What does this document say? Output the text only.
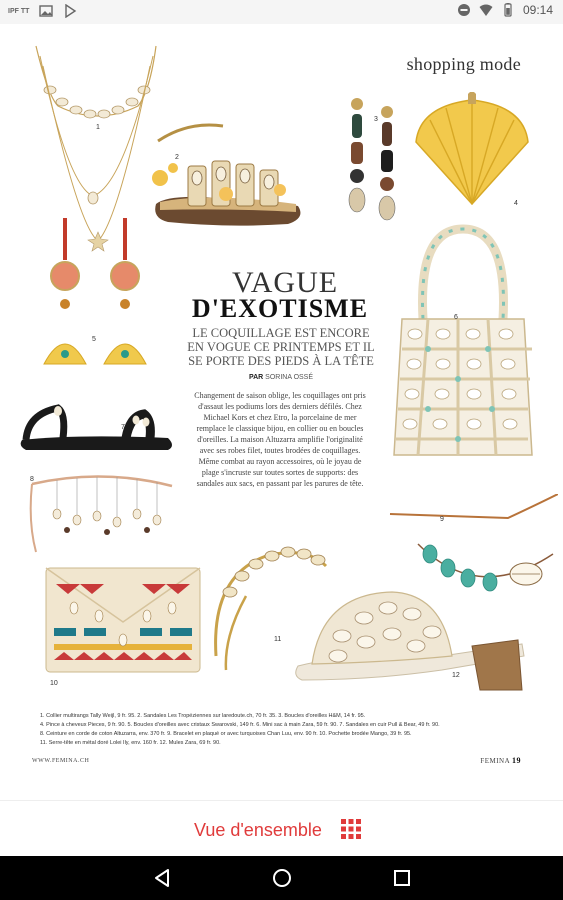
IPF TT	09:14
shopping mode
VAGUE
D'EXOTISME
LE COQUILLAGE EST ENCORE EN VOGUE CE PRINTEMPS ET IL SE PORTE DES PIEDS À LA TÊTE
PAR SORINA OSSÉ
Changement de saison oblige, les coquillages ont pris d'assaut les podiums lors des derniers défilés. Chez Michael Kors et chez Etro, la porcelaine de mer remplace le classique bijou, en collier ou en boucles d'oreilles. La maison Altuzarra amplifie l'originalité avec ses robes filet, toutes brodées de coquillages. Même combat au rayon accessoires, où le joyau de plage s'incruste sur toutes sortes de supports: des sandales aux sacs, en passant par les parures de tête.
1
2
3
4
5
6
7
8
9
10
11
12
1. Collier multirangs Tally Weijl, 9 fr. 95. 2. Sandales Les Tropéziennes sur laredoute.ch, 70 fr. 35. 3. Boucles d'oreilles H&M, 14 fr. 95.
4. Pince à cheveux Pieces, 9 fr. 90. 5. Boucles d'oreilles avec cristaux Swarovski, 149 fr. 6. Mini sac à main Zara, 59 fr. 90. 7. Sandales en cuir Pull & Bear, 49 fr. 90.
8. Ceinture en corde de coton Altuzarra, env. 370 fr. 9. Bracelet en plaqué or avec turquoises Chan Luu, env. 90 fr. 10. Pochette brodée Mango, 39 fr. 95.
11. Serre-tête en métal doré Lolei Ily, env. 160 fr. 12. Mules Zara, 69 fr. 90.
WWW.FEMINA.CH	FEMINA 19
Vue d'ensemble
